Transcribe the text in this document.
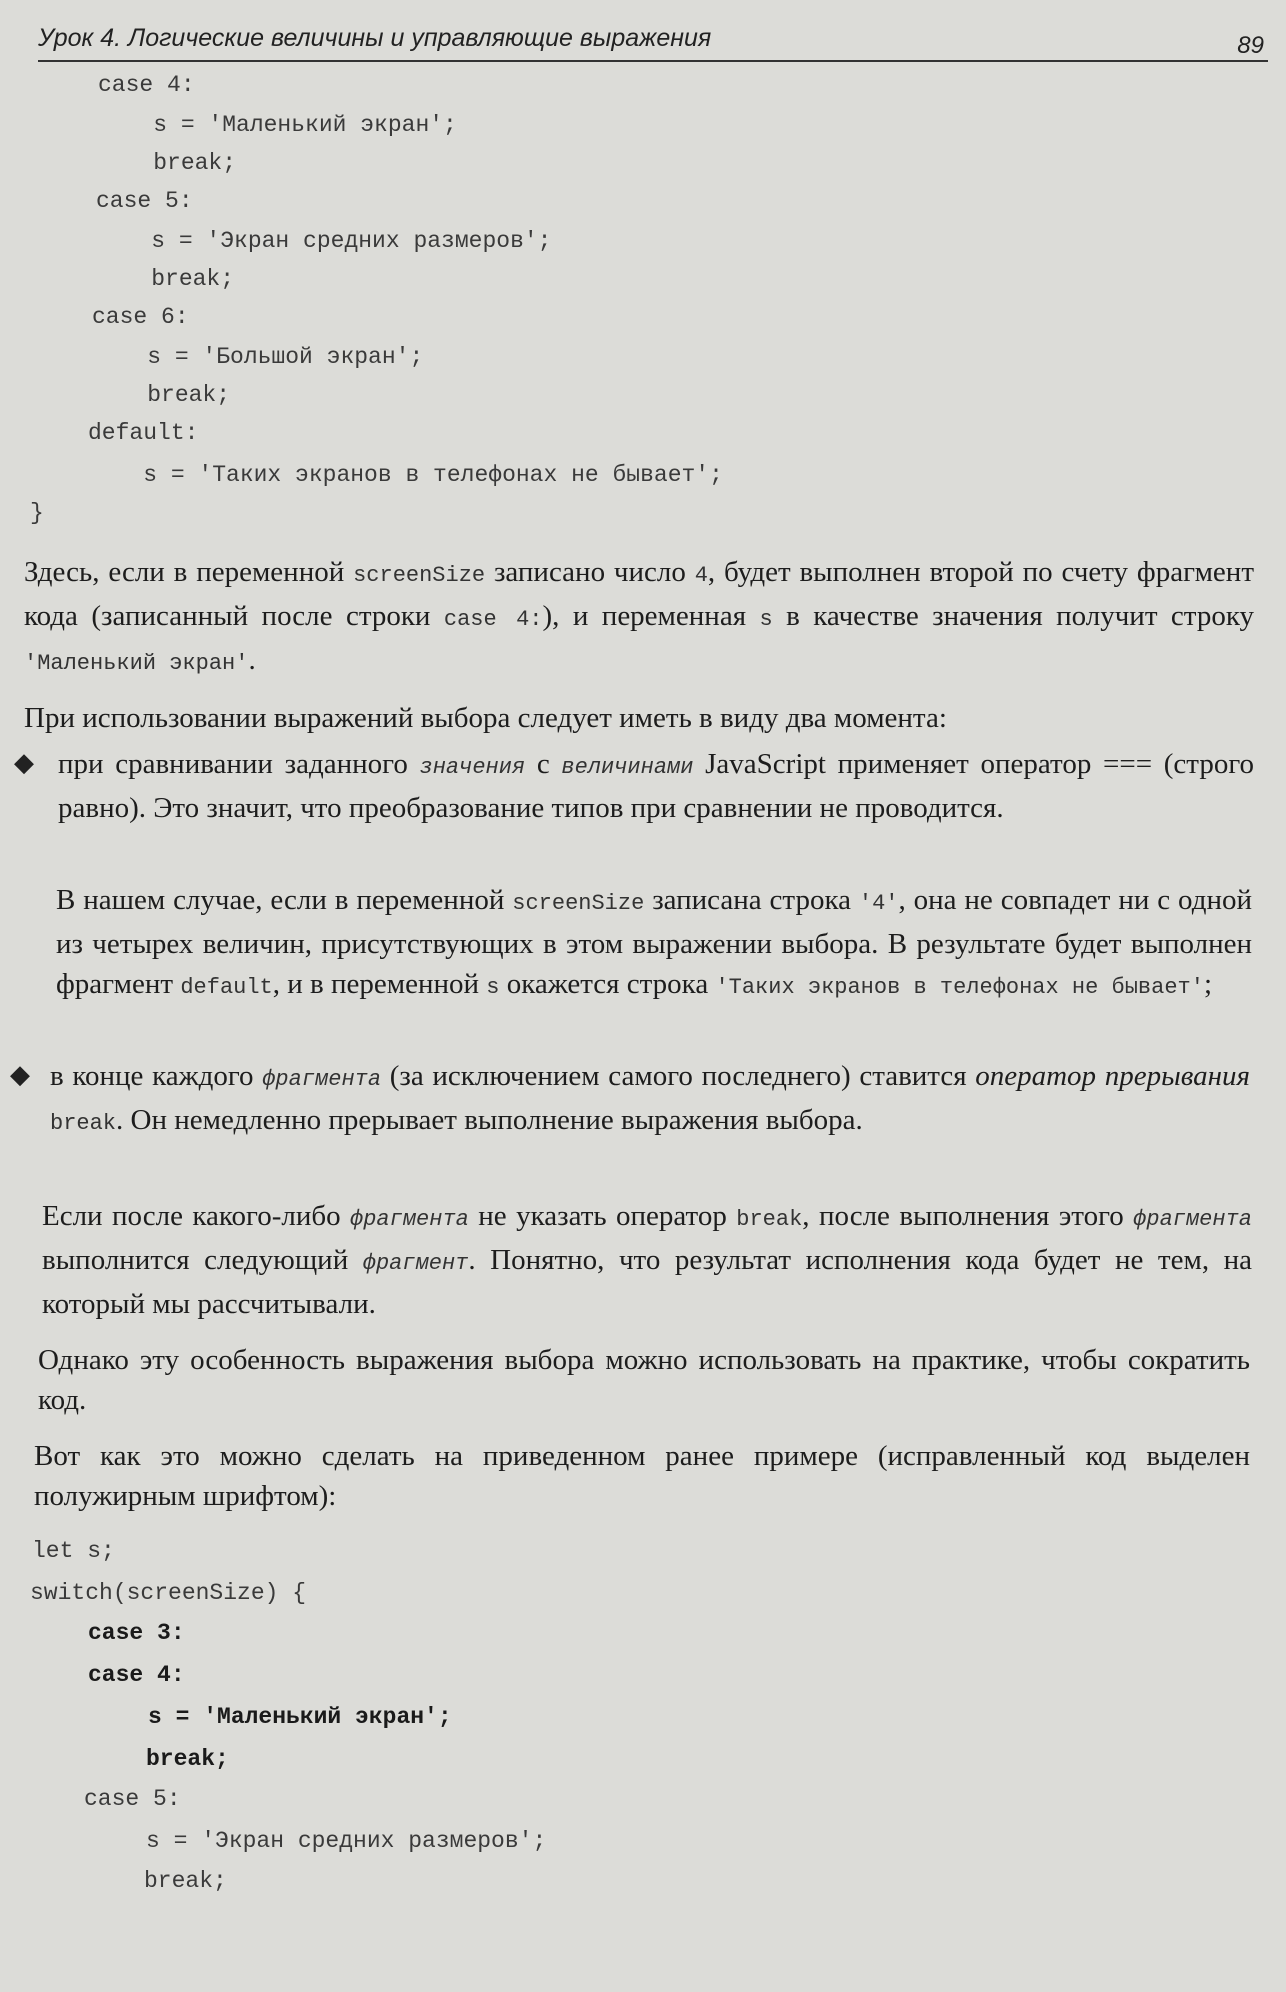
Урок 4. Логические величины и управляющие выражения	89
case 4:
s = 'Маленький экран';
break;
case 5:
s = 'Экран средних размеров';
break;
case 6:
s = 'Большой экран';
break;
default:
s = 'Таких экранов в телефонах не бывает';
}
Здесь, если в переменной screenSize записано число 4, будет выполнен второй по счету фрагмент кода (записанный после строки case 4:), и переменная s в качестве значения получит строку 'Маленький экран'.
При использовании выражений выбора следует иметь в виду два момента:
◆ при сравнивании заданного значения с величинами JavaScript применяет оператор === (строго равно). Это значит, что преобразование типов при сравнении не проводится.
В нашем случае, если в переменной screenSize записана строка '4', она не совпадет ни с одной из четырех величин, присутствующих в этом выражении выбора. В результате будет выполнен фрагмент default, и в переменной s окажется строка 'Таких экранов в телефонах не бывает';
◆ в конце каждого фрагмента (за исключением самого последнего) ставится оператор прерывания break. Он немедленно прерывает выполнение выражения выбора.
Если после какого-либо фрагмента не указать оператор break, после выполнения этого фрагмента выполнится следующий фрагмент. Понятно, что результат исполнения кода будет не тем, на который мы рассчитывали.
Однако эту особенность выражения выбора можно использовать на практике, чтобы сократить код.
Вот как это можно сделать на приведенном ранее примере (исправленный код выделен полужирным шрифтом):
let s;
switch(screenSize) {
case 3:
case 4:
s = 'Маленький экран';
break;
case 5:
s = 'Экран средних размеров';
break;
